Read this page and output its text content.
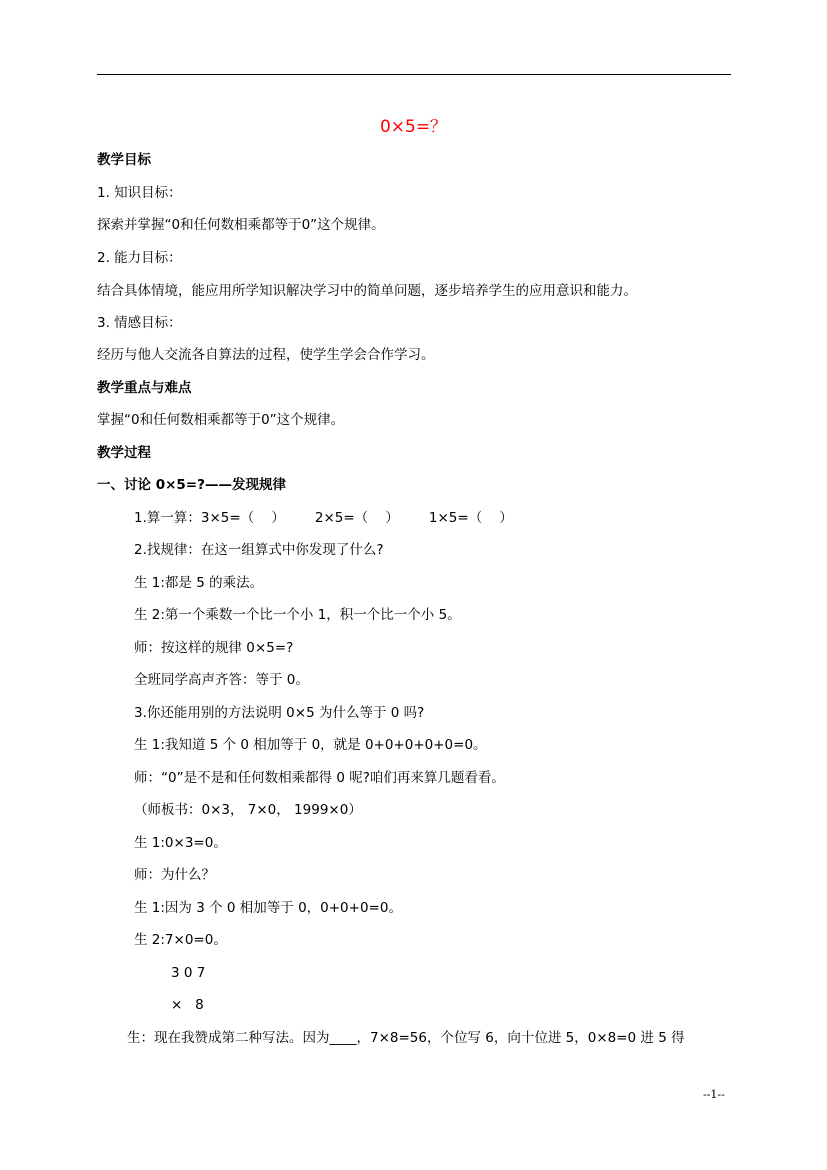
0×5=？
教学目标
1. 知识目标：
探索并掌握“0和任何数相乘都等于0”这个规律。
2. 能力目标：
结合具体情境，能应用所学知识解决学习中的简单问题，逐步培养学生的应用意识和能力。
3. 情感目标：
经历与他人交流各自算法的过程，使学生学会合作学习。
教学重点与难点
掌握“0和任何数相乘都等于0”这个规律。
教学过程
一、讨论 0×5=?——发现规律
1.算一算：3×5=（    ）       2×5=（    ）       1×5=（    ）
2.找规律：在这一组算式中你发现了什么?
生 1:都是 5 的乘法。
生 2:第一个乘数一个比一个小 1，积一个比一个小 5。
师：按这样的规律 0×5=?
全班同学高声齐答：等于 0。
3.你还能用别的方法说明 0×5 为什么等于 0 吗?
生 1:我知道 5 个 0 相加等于 0，就是 0+0+0+0+0=0。
师：“0”是不是和任何数相乘都得 0 呢?咱们再来算几题看看。
（师板书：0×3， 7×0， 1999×0）
生 1:0×3=0。
师：为什么？
生 1:因为 3 个 0 相加等于 0，0+0+0=0。
生 2:7×0=0。
3 0 7
×   8
生：现在我赞成第二种写法。因为____，7×8=56，个位写 6，向十位进 5，0×8=0 进 5 得
--1--
